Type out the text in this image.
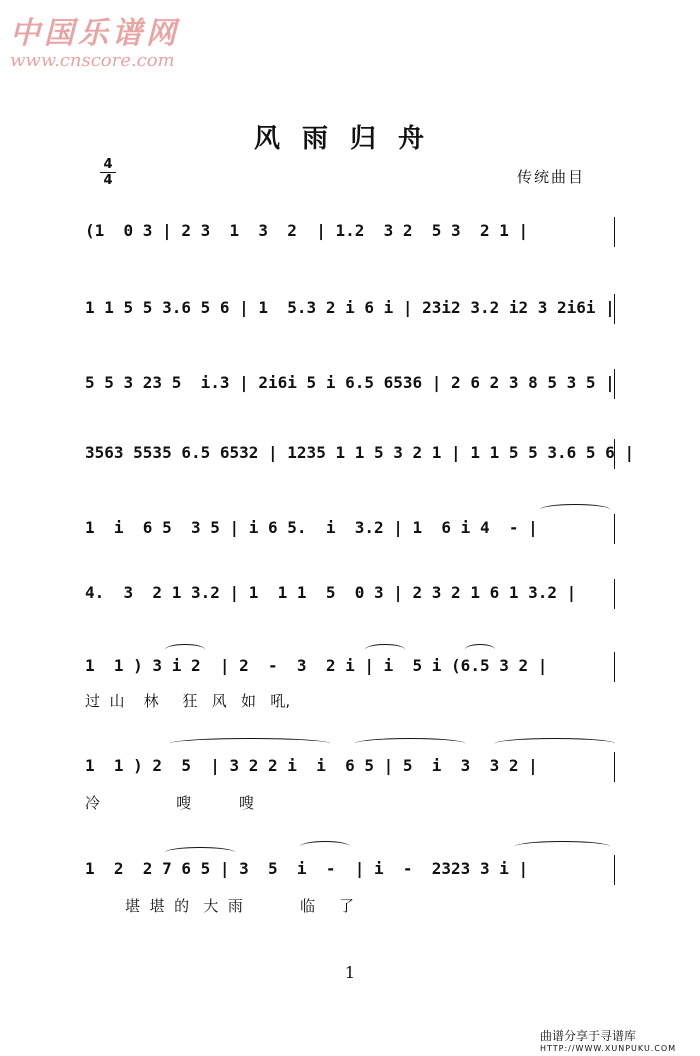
中国乐谱网
www.cnscore.com
风雨归舟
4
4	传统曲目
(1  0 3 | 2 3  1  3  2  | 1.2  3 2  5 3  2 1 |
1 1 5 5 3.6 5 6 | 1  5.3 2 i 6 i | 23i2 3.2 i2 3 2i6i |
5 5 3 23 5  i.3 | 2i6i 5 i 6.5 6536 | 2 6 2 3 8 5 3 5 |
3563 5535 6.5 6532 | 1235 1 1 5 3 2 1 | 1 1 5 5 3.6 5 6 |
1  i  6 5  3 5 | i 6 5.  i  3.2 | 1  6 i 4  - |
4.  3  2 1 3.2 | 1  1 1  5  0 3 | 2 3 2 1 6 1 3.2 |
1  1 ) 3 i 2  | 2  -  3  2 i | i  5 i (6.5 3 2 |
过  山    林     狂   风   如   吼,
1  1 ) 2  5  | 3 2 2 i  i  6 5 | 5  i  3  3 2 |
冷                嗖          嗖
1  2  2 7 6 5 | 3  5  i  -  | i  -  2323 3 i |
堪  堪  的   大  雨            临     了
1
曲谱分享于寻谱库
HTTP://WWW.XUNPUKU.COM
